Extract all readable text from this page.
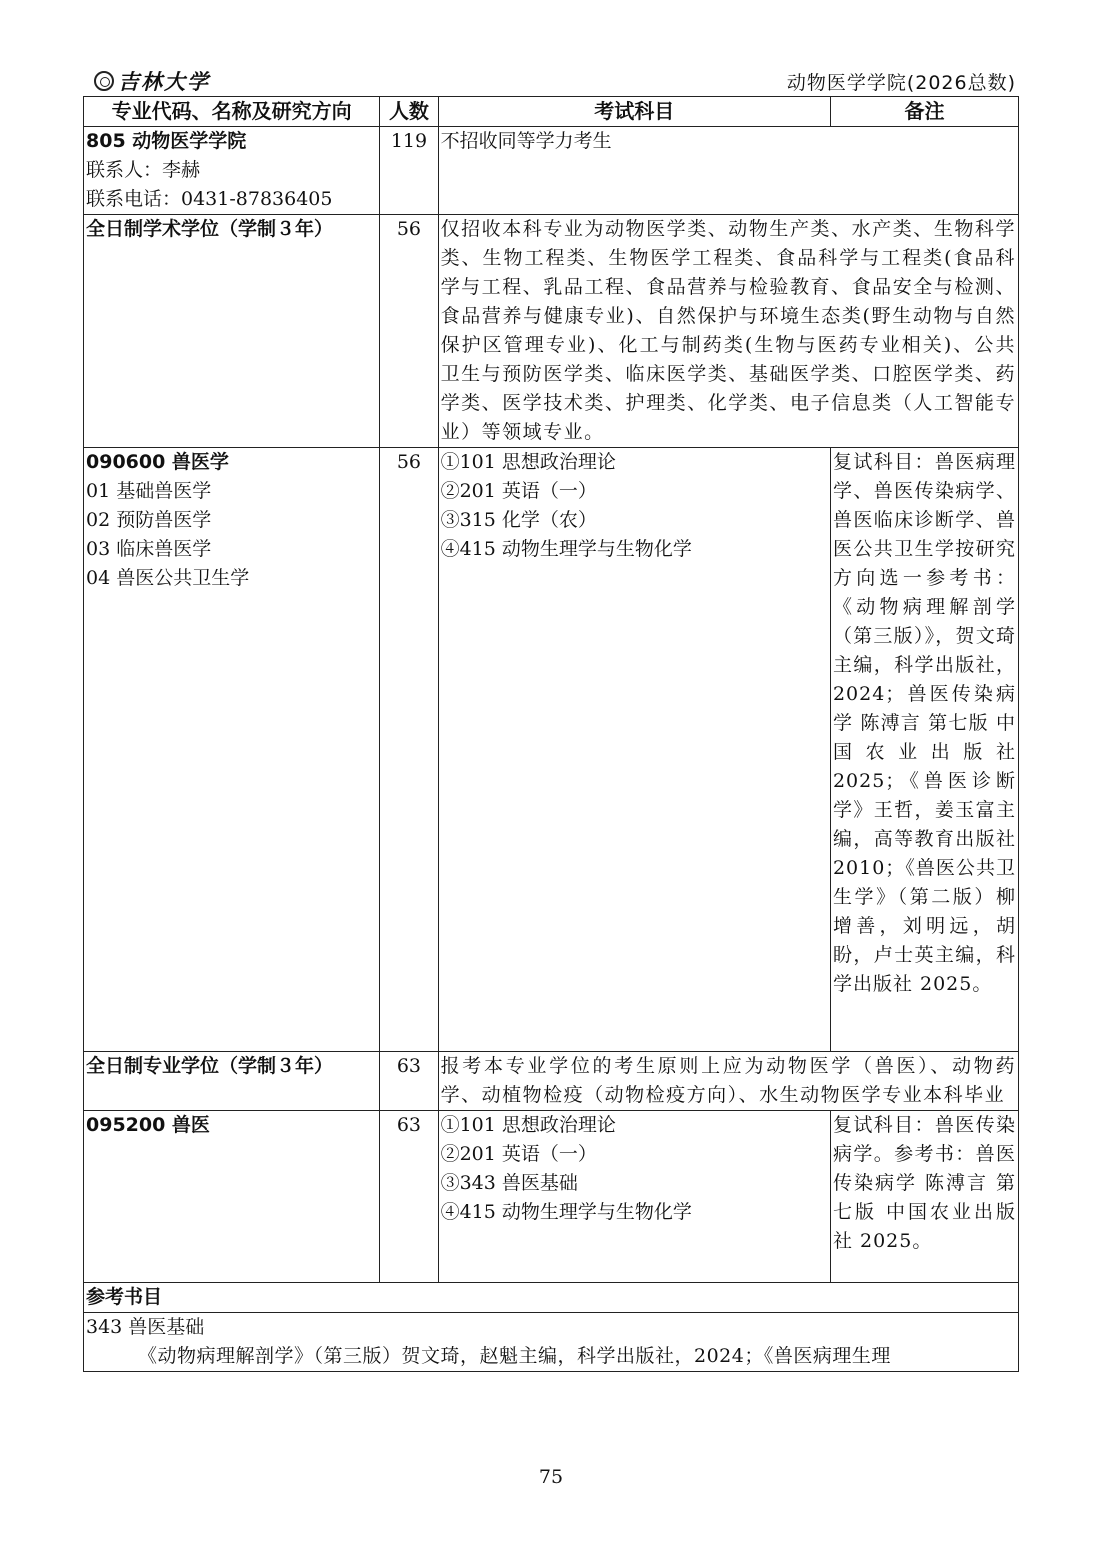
吉林大学	动物医学学院(2026总数)
专业代码、名称及研究方向	人数	考试科目	备注

805 动物医学学院
联系人：李赫
联系电话：0431-87836405	119	不招收同等学力考生	
全日制学术学位（学制３年）	56	仅招收本科专业为动物医学类、动物生产类、水产类、生物科学类、生物工程类、生物医学工程类、食品科学与工程类(食品科学与工程、乳品工程、食品营养与检验教育、食品安全与检测、食品营养与健康专业)、自然保护与环境生态类(野生动物与自然保护区管理专业)、化工与制药类(生物与医药专业相关)、公共卫生与预防医学类、临床医学类、基础医学类、口腔医学类、药学类、医学技术类、护理类、化学类、电子信息类（人工智能专业）等领域专业。	

090600 兽医学
01 基础兽医学
02 预防兽医学
03 临床兽医学
04 兽医公共卫生学	56	①101 思想政治理论
②201 英语（一）
③315 化学（农）
④415 动物生理学与生物化学	复试科目：兽医病理学、兽医传染病学、兽医临床诊断学、兽医公共卫生学按研究方向选一参考书：《动物病理解剖学（第三版）》，贺文琦主编，科学出版社，2024；兽医传染病学 陈溥言 第七版 中国农业出版社 2025；《兽医诊断学》王哲，姜玉富主编，高等教育出版社 2010；《兽医公共卫生学》（第二版）柳增善，刘明远，胡盼，卢士英主编，科学出版社 2025。
全日制专业学位（学制３年）	63	报考本专业学位的考生原则上应为动物医学（兽医）、动物药学、动植物检疫（动物检疫方向）、水生动物医学专业本科毕业	
095200 兽医	63	①101 思想政治理论
②201 英语（一）
③343 兽医基础
④415 动物生理学与生物化学	复试科目：兽医传染病学。参考书：兽医传染病学 陈溥言 第七版 中国农业出版社 2025。
参考书目			

343 兽医基础
《动物病理解剖学》（第三版）贺文琦，赵魁主编，科学出版社，2024；《兽医病理生理			
75
